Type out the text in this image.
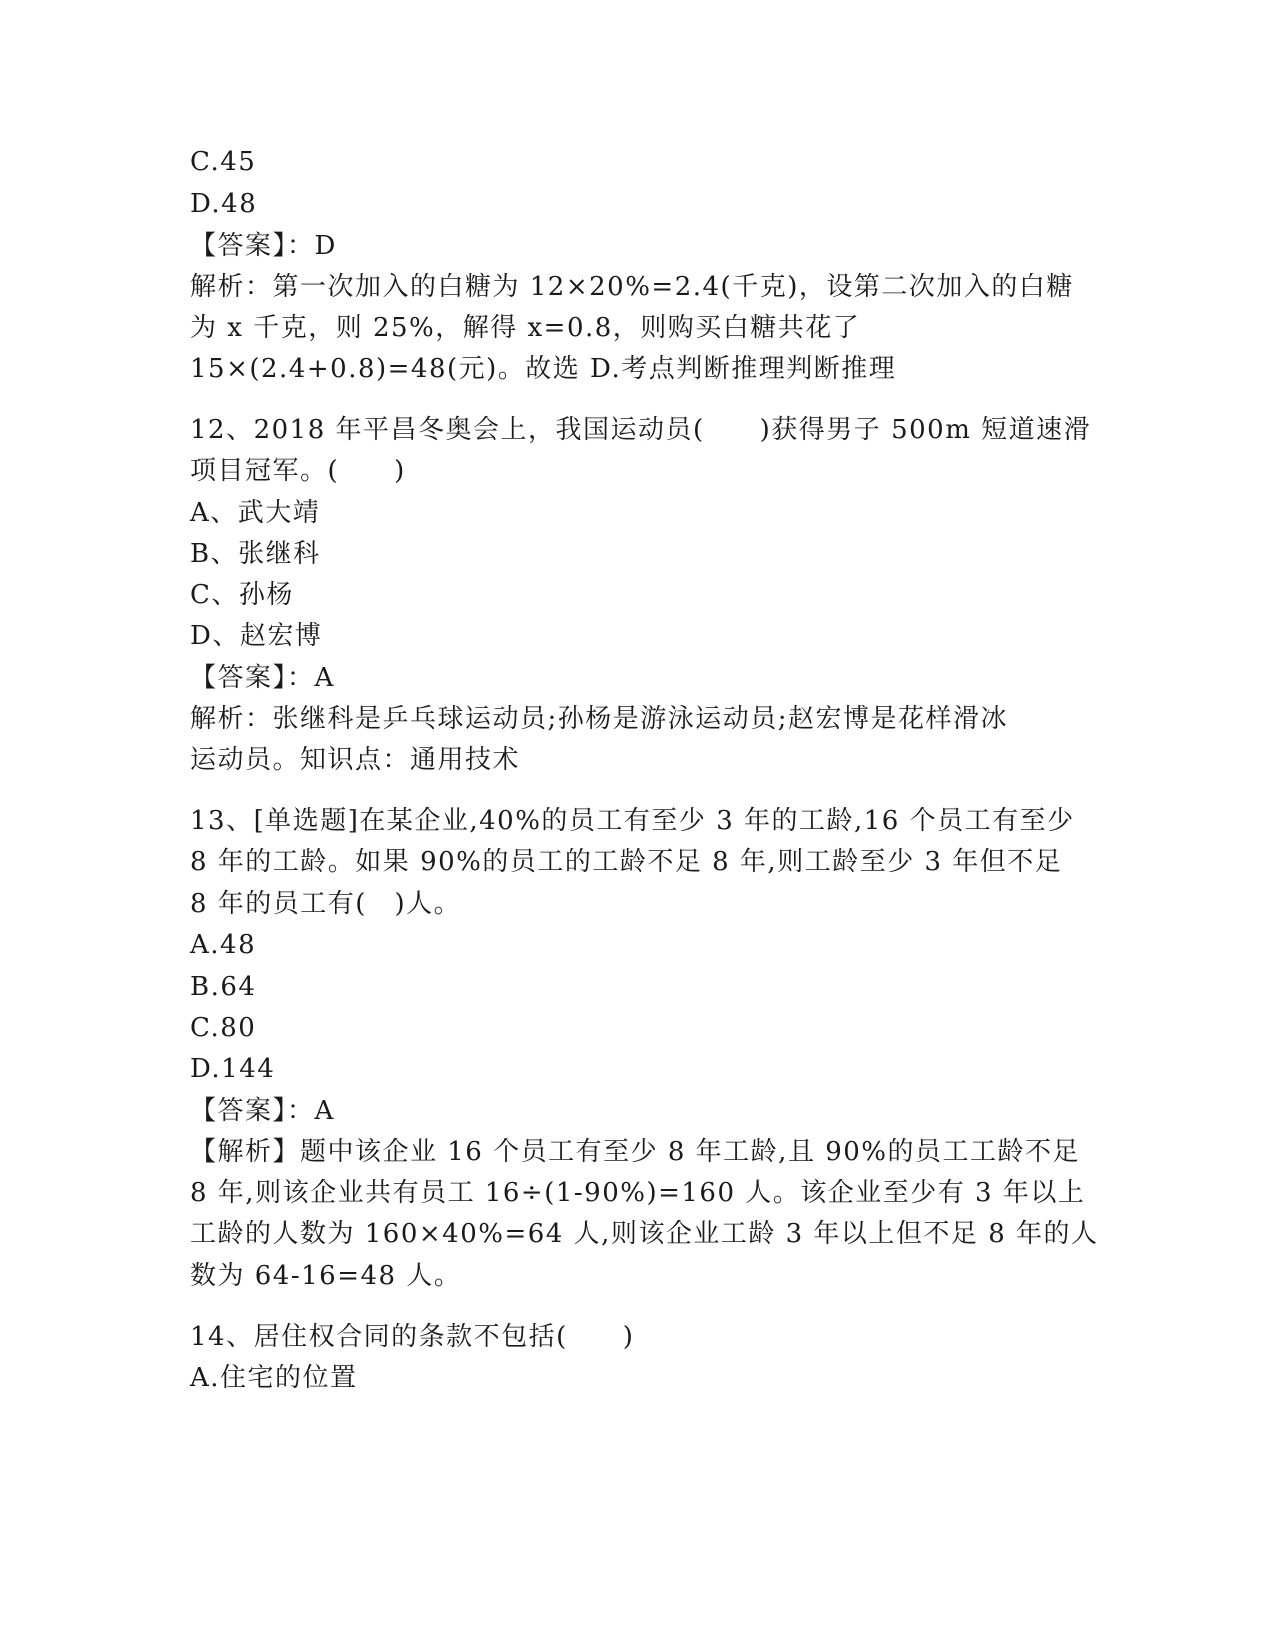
C.45
D.48
【答案】：D
解析：第一次加入的白糖为 12×20%=2.4(千克)，设第二次加入的白糖
为 x 千克，则 25%，解得 x=0.8，则购买白糖共花了
15×(2.4+0.8)=48(元)。故选 D.考点判断推理判断推理
12、2018 年平昌冬奥会上，我国运动员(　　)获得男子 500m 短道速滑
项目冠军。(　　)
A、武大靖
B、张继科
C、孙杨
D、赵宏博
【答案】：A
解析：张继科是乒乓球运动员;孙杨是游泳运动员;赵宏博是花样滑冰
运动员。知识点：通用技术
13、[单选题]在某企业,40%的员工有至少 3 年的工龄,16 个员工有至少
8 年的工龄。如果 90%的员工的工龄不足 8 年,则工龄至少 3 年但不足
8 年的员工有(　)人。
A.48
B.64
C.80
D.144
【答案】：A
【解析】题中该企业 16 个员工有至少 8 年工龄,且 90%的员工工龄不足
8 年,则该企业共有员工 16÷(1-90%)=160 人。该企业至少有 3 年以上
工龄的人数为 160×40%=64 人,则该企业工龄 3 年以上但不足 8 年的人
数为 64-16=48 人。
14、居住权合同的条款不包括(　　)
A.住宅的位置
